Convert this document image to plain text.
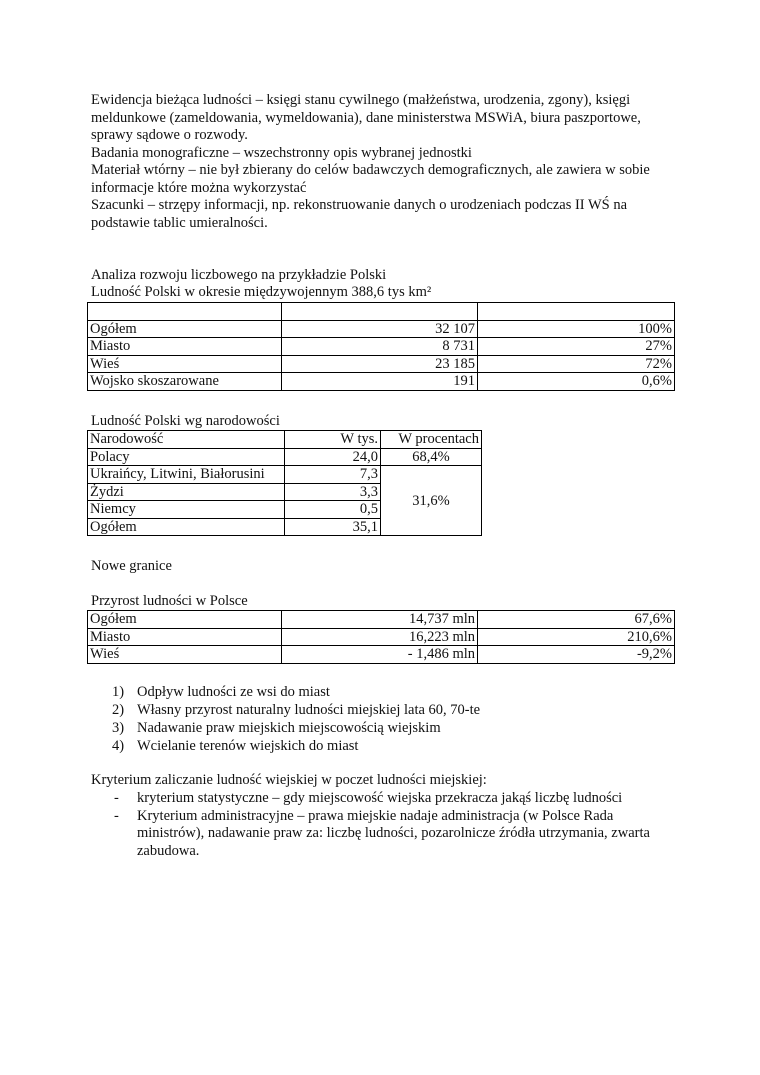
Ewidencja bieżąca ludności – księgi stanu cywilnego (małżeństwa, urodzenia, zgony), księgi meldunkowe (zameldowania, wymeldowania), dane ministerstwa MSWiA, biura paszportowe, sprawy sądowe o rozwody.

Badania monograficzne – wszechstronny opis wybranej jednostki

Materiał wtórny – nie był zbierany do celów badawczych demograficznych, ale zawiera w sobie informacje które można wykorzystać

Szacunki – strzępy informacji, np. rekonstruowanie danych o urodzeniach podczas II WŚ na podstawie tablic umieralności.

Analiza rozwoju liczbowego na przykładzie Polski
Ludność Polski w okresie międzywojennym 388,6 tys km²

Ogółem	32 107	100%
Miasto	8 731	27%
Wieś	23 185	72%
Wojsko skoszarowane	191	0,6%
Ludność Polski wg narodowości
Narodowość	W tys.	W procentach
Polacy	24,0	68,4%
Ukraińcy, Litwini, Białorusini	7,3	31,6%
Żydzi	3,3	
Niemcy	0,5	
Ogółem	35,1	
Nowe granice
Przyrost ludności w Polsce
Ogółem	14,737 mln	67,6%
Miasto	16,223 mln	210,6%
Wieś	- 1,486 mln	-9,2%
1) Odpływ ludności ze wsi do miast
2) Własny przyrost naturalny ludności miejskiej lata 60, 70-te
3) Nadawanie praw miejskich miejscowością wiejskim
4) Wcielanie terenów wiejskich do miast
Kryterium zaliczanie ludność wiejskiej w poczet ludności miejskiej:
- kryterium statystyczne – gdy miejscowość wiejska przekracza jakąś liczbę ludności
- Kryterium administracyjne – prawa miejskie nadaje administracja (w Polsce Rada ministrów), nadawanie praw za: liczbę ludności, pozarolnicze źródła utrzymania, zwarta zabudowa.
